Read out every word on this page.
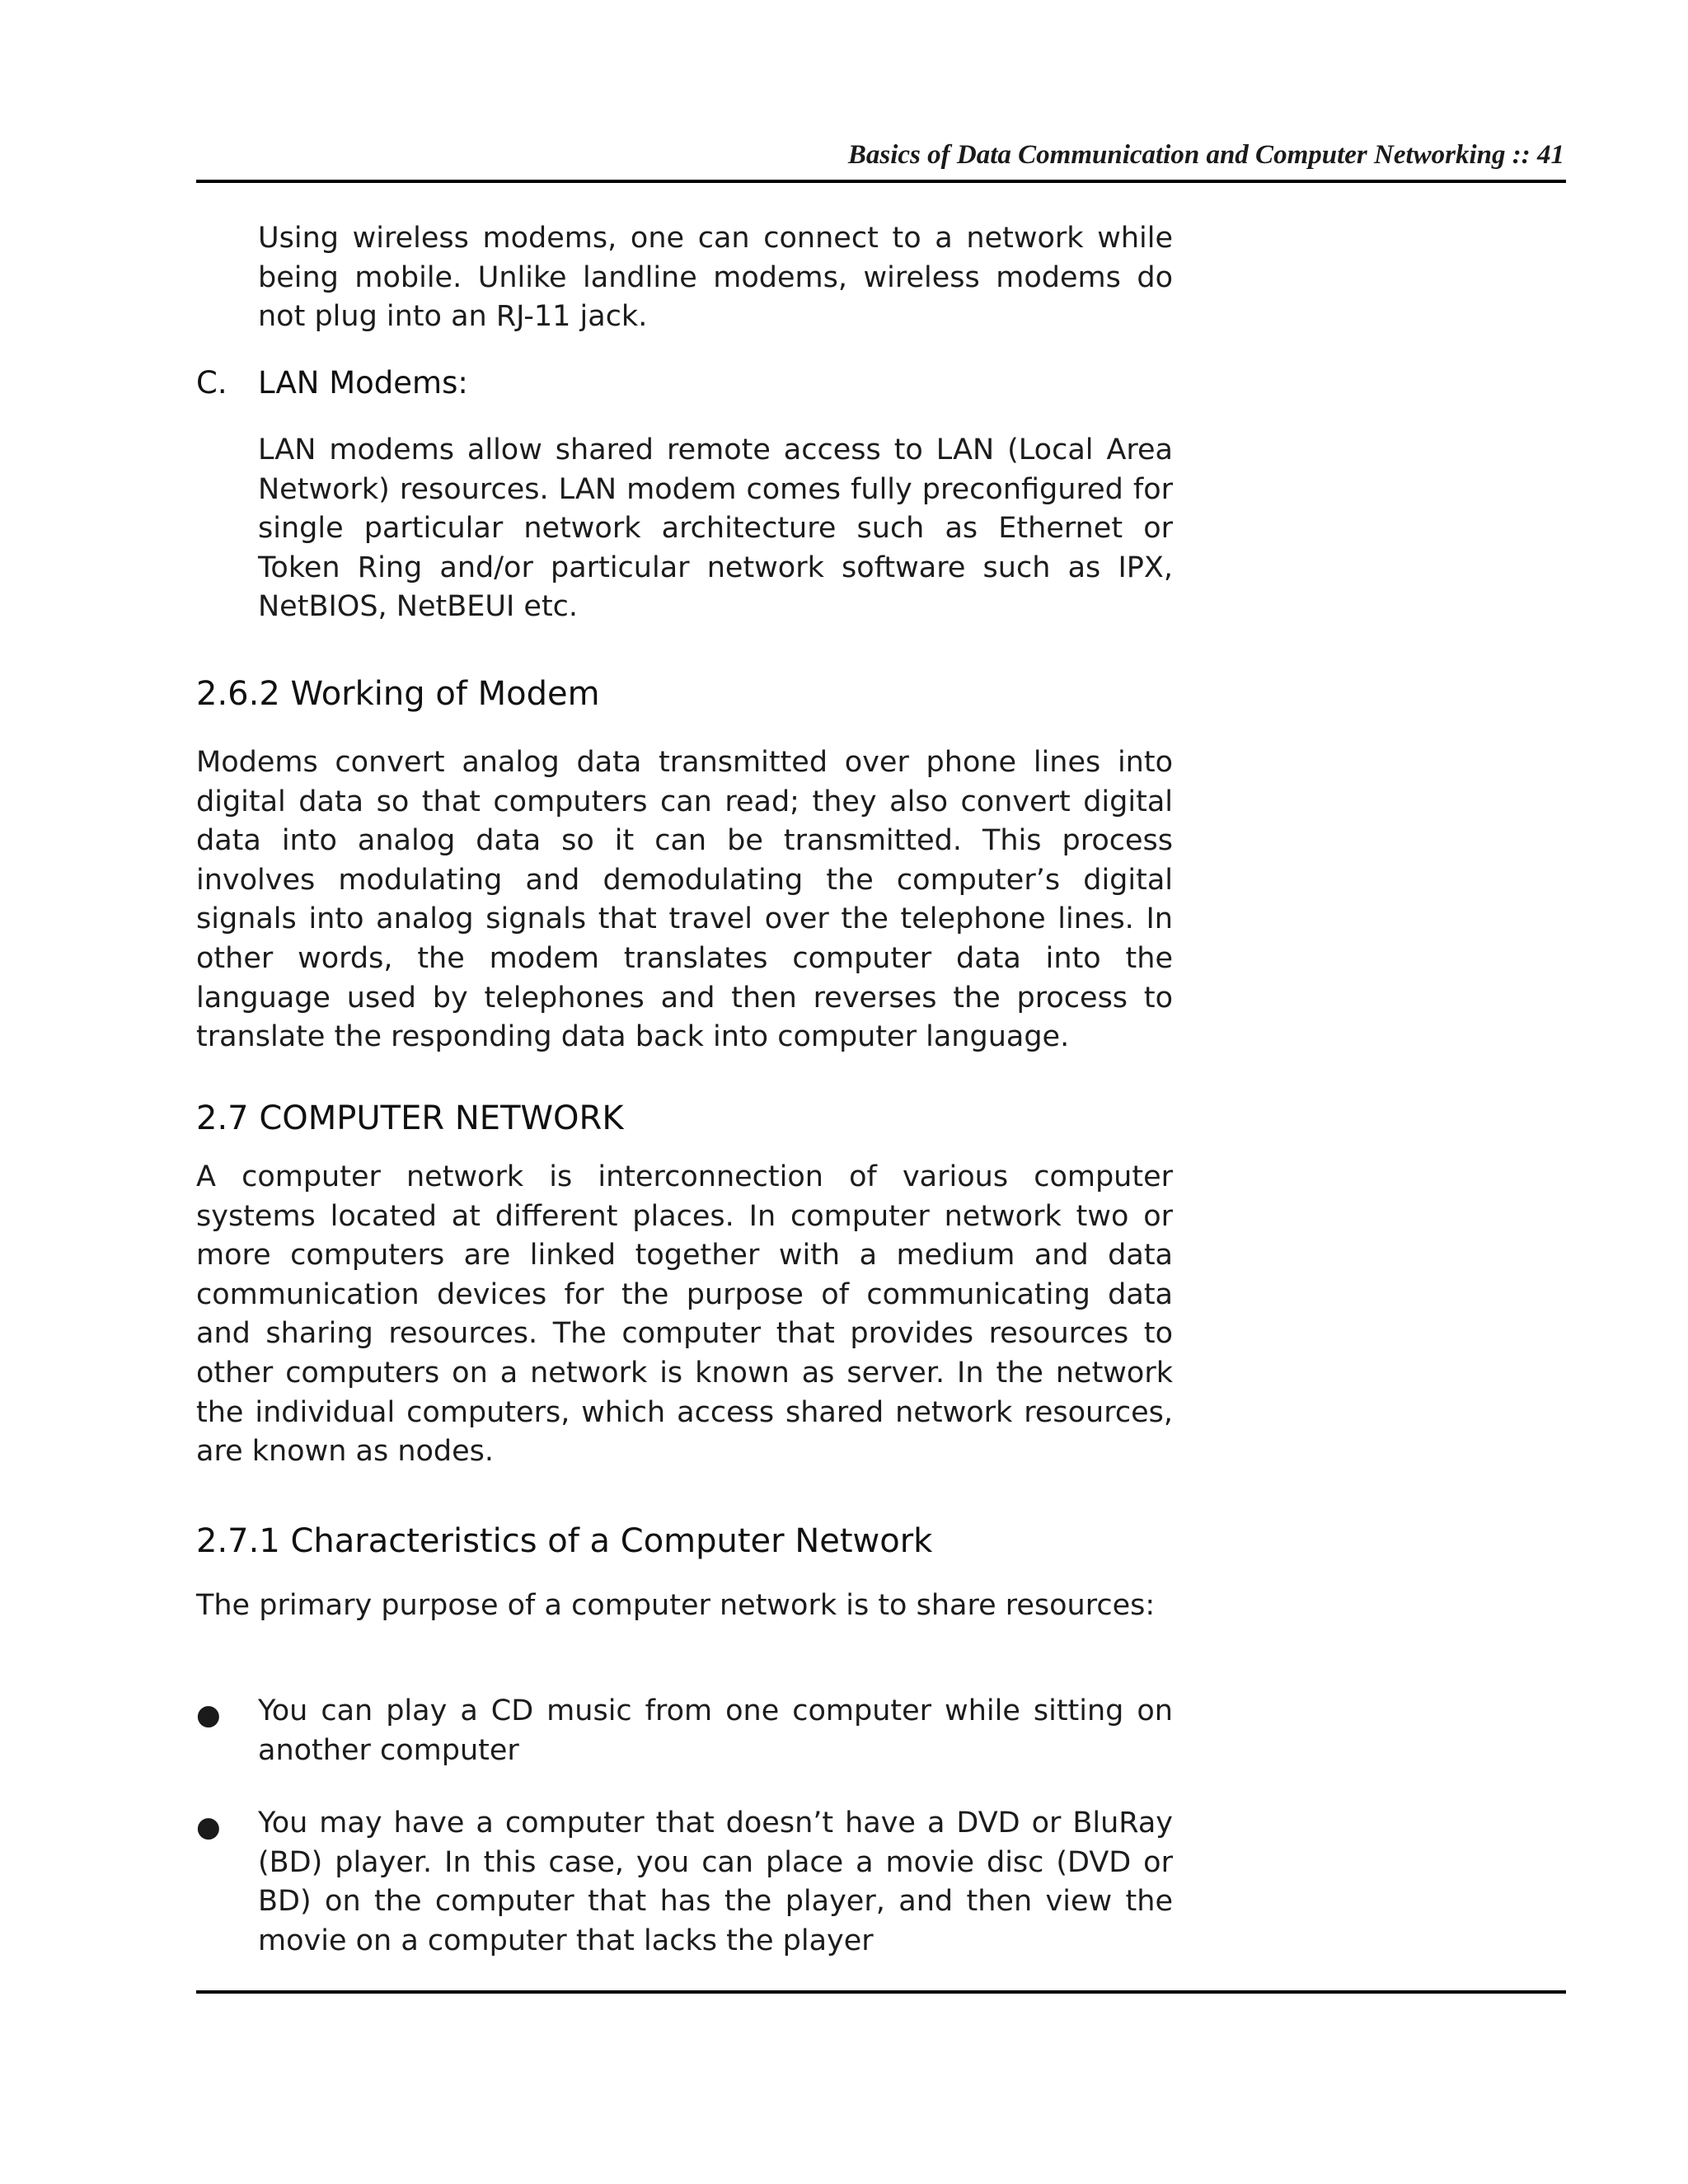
Basics of Data Communication and Computer Networking :: 41
Using wireless modems, one can connect to a network while being mobile. Unlike landline modems, wireless modems do not plug into an RJ-11 jack.
C. LAN Modems:
LAN modems allow shared remote access to LAN (Local Area Network) resources. LAN modem comes fully preconfigured for single particular network architecture such as Ethernet or Token Ring and/or particular network software such as IPX, NetBIOS, NetBEUI etc.
2.6.2 Working of Modem
Modems convert analog data transmitted over phone lines into digital data so that computers can read; they also convert digital data into analog data so it can be transmitted. This process involves modulating and demodulating the computer’s digital signals into analog signals that travel over the telephone lines. In other words, the modem translates computer data into the language used by telephones and then reverses the process to translate the responding data back into computer language.
2.7 COMPUTER NETWORK
A computer network is interconnection of various computer systems located at different places. In computer network two or more computers are linked together with a medium and data communication devices for the purpose of communicating data and sharing resources. The computer that provides resources to other computers on a network is known as server. In the network the individual computers, which access shared network resources, are known as nodes.
2.7.1 Characteristics of a Computer Network
The primary purpose of a computer network is to share resources:
● You can play a CD music from one computer while sitting on another computer
● You may have a computer that doesn’t have a DVD or BluRay (BD) player. In this case, you can place a movie disc (DVD or BD) on the computer that has the player, and then view the movie on a computer that lacks the player
